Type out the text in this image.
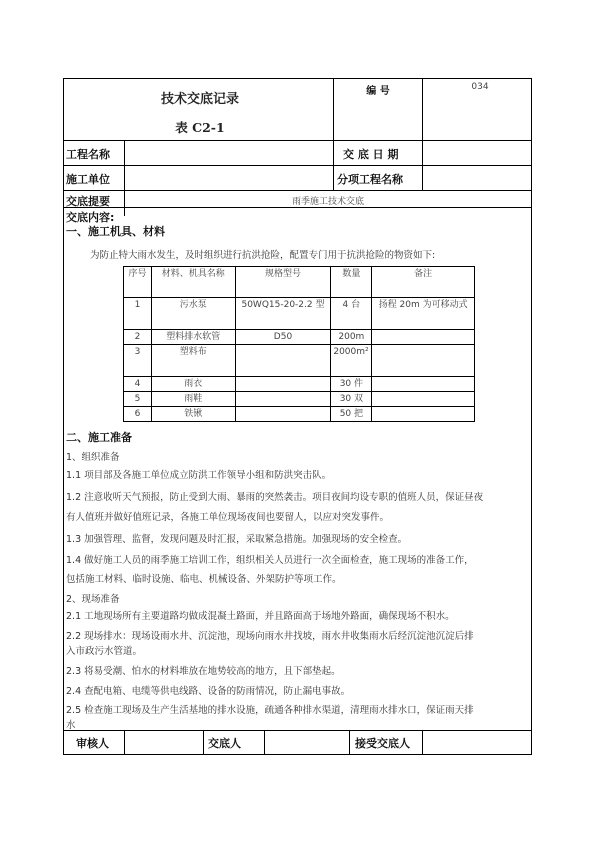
技术交底记录
表 C2-1
编 号	034
工程名称	交 底 日 期
施工单位	分项工程名称
交底提要	雨季施工技术交底
交底内容:
一、施工机具、材料
为防止特大雨水发生，及时组织进行抗洪抢险，配置专门用于抗洪抢险的物资如下:
序号	材料、机具名称	规格型号	数量	备注
1	污水泵	50WQ15-20-2.2 型	4 台	扬程 20m 为可移动式
2	塑料排水软管	D50	200m	
3	塑料布		2000m²	
4	雨衣		30 件	
5	雨鞋		30 双	
6	铁锹		50 把	
二、施工准备
1、组织准备
1.1 项目部及各施工单位成立防洪工作领导小组和防洪突击队。
1.2 注意收听天气预报，防止受到大雨、暴雨的突然袭击。项目夜间均设专职的值班人员，保证昼夜
有人值班并做好值班记录，各施工单位现场夜间也要留人，以应对突发事件。
1.3 加强管理、监督，发现问题及时汇报，采取紧急措施。加强现场的安全检查。
1.4 做好施工人员的雨季施工培训工作，组织相关人员进行一次全面检查，施工现场的准备工作，
包括施工材料、临时设施、临电、机械设备、外架防护等项工作。
2、现场准备
2.1 工地现场所有主要道路均做成混凝土路面，并且路面高于场地外路面，确保现场不积水。
2.2 现场排水：现场设雨水井、沉淀池，现场向雨水井找坡，雨水井收集雨水后经沉淀池沉淀后排
入市政污水管道。
2.3 将易受潮、怕水的材料堆放在地势较高的地方，且下部垫起。
2.4 查配电箱、电缆等供电线路、设备的防雨情况，防止漏电事故。
2.5 检查施工现场及生产生活基地的排水设施，疏通各种排水渠道，清理雨水排水口，保证雨天排
水
审核人	交底人	接受交底人
